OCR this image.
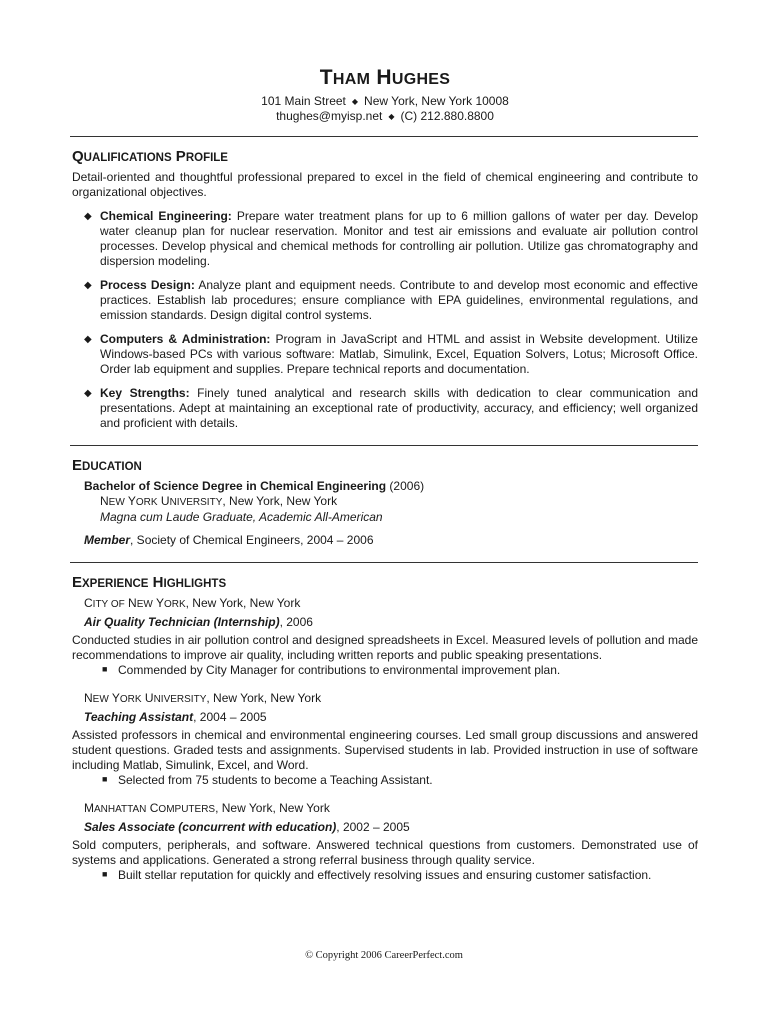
THAM HUGHES
101 Main Street ◆ New York, New York 10008
thughes@myisp.net ◆ (C) 212.880.8800
QUALIFICATIONS PROFILE

Detail-oriented and thoughtful professional prepared to excel in the field of chemical engineering and contribute to organizational objectives.

◆ Chemical Engineering: Prepare water treatment plans for up to 6 million gallons of water per day. Develop water cleanup plan for nuclear reservation. Monitor and test air emissions and evaluate air pollution control processes. Develop physical and chemical methods for controlling air pollution. Utilize gas chromatography and dispersion modeling.
◆ Process Design: Analyze plant and equipment needs. Contribute to and develop most economic and effective practices. Establish lab procedures; ensure compliance with EPA guidelines, environmental regulations, and emission standards. Design digital control systems.
◆ Computers & Administration: Program in JavaScript and HTML and assist in Website development. Utilize Windows-based PCs with various software: Matlab, Simulink, Excel, Equation Solvers, Lotus; Microsoft Office. Order lab equipment and supplies. Prepare technical reports and documentation.
◆ Key Strengths: Finely tuned analytical and research skills with dedication to clear communication and presentations. Adept at maintaining an exceptional rate of productivity, accuracy, and efficiency; well organized and proficient with details.
EDUCATION
Bachelor of Science Degree in Chemical Engineering (2006)
NEW YORK UNIVERSITY, New York, New York
Magna cum Laude Graduate, Academic All-American
Member, Society of Chemical Engineers, 2004 – 2006
EXPERIENCE HIGHLIGHTS
CITY OF NEW YORK, New York, New York
Air Quality Technician (Internship), 2006

Conducted studies in air pollution control and designed spreadsheets in Excel. Measured levels of pollution and made recommendations to improve air quality, including written reports and public speaking presentations.

■ Commended by City Manager for contributions to environmental improvement plan.
NEW YORK UNIVERSITY, New York, New York
Teaching Assistant, 2004 – 2005

Assisted professors in chemical and environmental engineering courses. Led small group discussions and answered student questions. Graded tests and assignments. Supervised students in lab. Provided instruction in use of software including Matlab, Simulink, Excel, and Word.

■ Selected from 75 students to become a Teaching Assistant.
MANHATTAN COMPUTERS, New York, New York
Sales Associate (concurrent with education), 2002 – 2005

Sold computers, peripherals, and software. Answered technical questions from customers. Demonstrated use of systems and applications. Generated a strong referral business through quality service.

■ Built stellar reputation for quickly and effectively resolving issues and ensuring customer satisfaction.
© Copyright 2006 CareerPerfect.com
